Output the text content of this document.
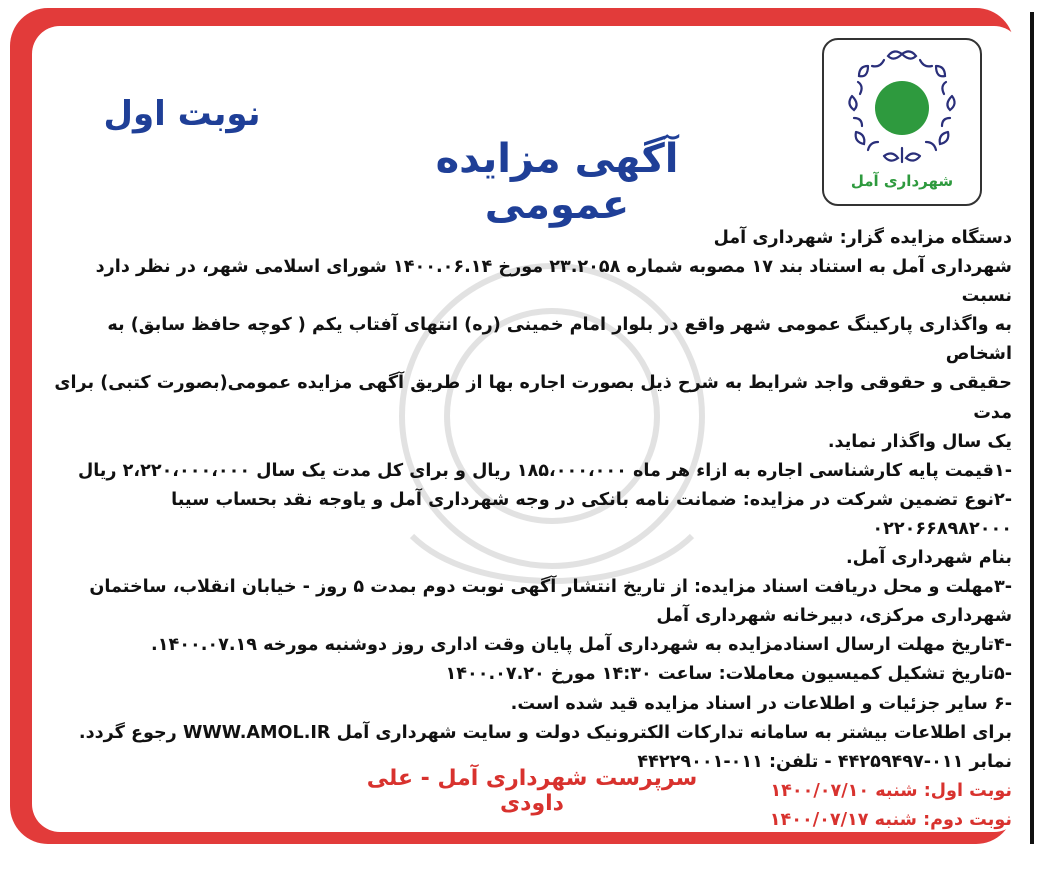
شهرداری آمل
نوبت اول
آگهی مزایده عمومی

دستگاه مزایده گزار: شهرداری آمل

شهرداری آمل به استناد بند ۱۷ مصوبه شماره ۲۳.۲۰۵۸ مورخ ۱۴۰۰.۰۶.۱۴ شورای اسلامی شهر، در نظر دارد نسبت

به واگذاری پارکینگ عمومی شهر واقع در بلوار امام خمینی (ره) انتهای آفتاب یکم ( کوچه حافظ سابق) به اشخاص

حقیقی و حقوقی واجد شرایط به شرح ذیل بصورت اجاره بها از طریق آگهی مزایده عمومی(بصورت کتبی) برای مدت

یک سال واگذار نماید.

-۱قیمت پایه کارشناسی اجاره به ازاء هر ماه ۱۸۵،۰۰۰،۰۰۰ ریال و برای کل مدت یک سال ۲،۲۲۰،۰۰۰،۰۰۰ ریال

-۲نوع تضمین شرکت در مزایده: ضمانت نامه بانکی در وجه شهرداری آمل و یاوجه نقد بحساب سیبا ۰۲۲۰۶۶۸۹۸۲۰۰۰

بنام شهرداری آمل.

-۳مهلت و محل دریافت اسناد مزایده: از تاریخ انتشار آگهی نوبت دوم بمدت ۵ روز - خیابان انقلاب، ساختمان

شهرداری مرکزی، دبیرخانه شهرداری آمل

-۴تاریخ مهلت ارسال اسنادمزایده به شهرداری آمل پایان وقت اداری روز دوشنبه مورخه ۱۴۰۰.۰۷.۱۹.

-۵تاریخ تشکیل کمیسیون معاملات: ساعت ۱۴:۳۰ مورخ ۱۴۰۰.۰۷.۲۰

-۶ سایر جزئیات و اطلاعات در اسناد مزایده قید شده است.

برای اطلاعات بیشتر به سامانه تدارکات الکترونیک دولت و سایت شهرداری آمل WWW.AMOL.IR رجوع گردد.

نمابر ۰۱۱-۴۴۲۵۹۴۹۷ - تلفن: ۰۱۱-۴۴۲۲۹۰۰۱

نوبت اول: شنبه ۱۴۰۰/۰۷/۱۰

نوبت دوم: شنبه ۱۴۰۰/۰۷/۱۷

سرپرست شهرداری آمل - علی داودی
